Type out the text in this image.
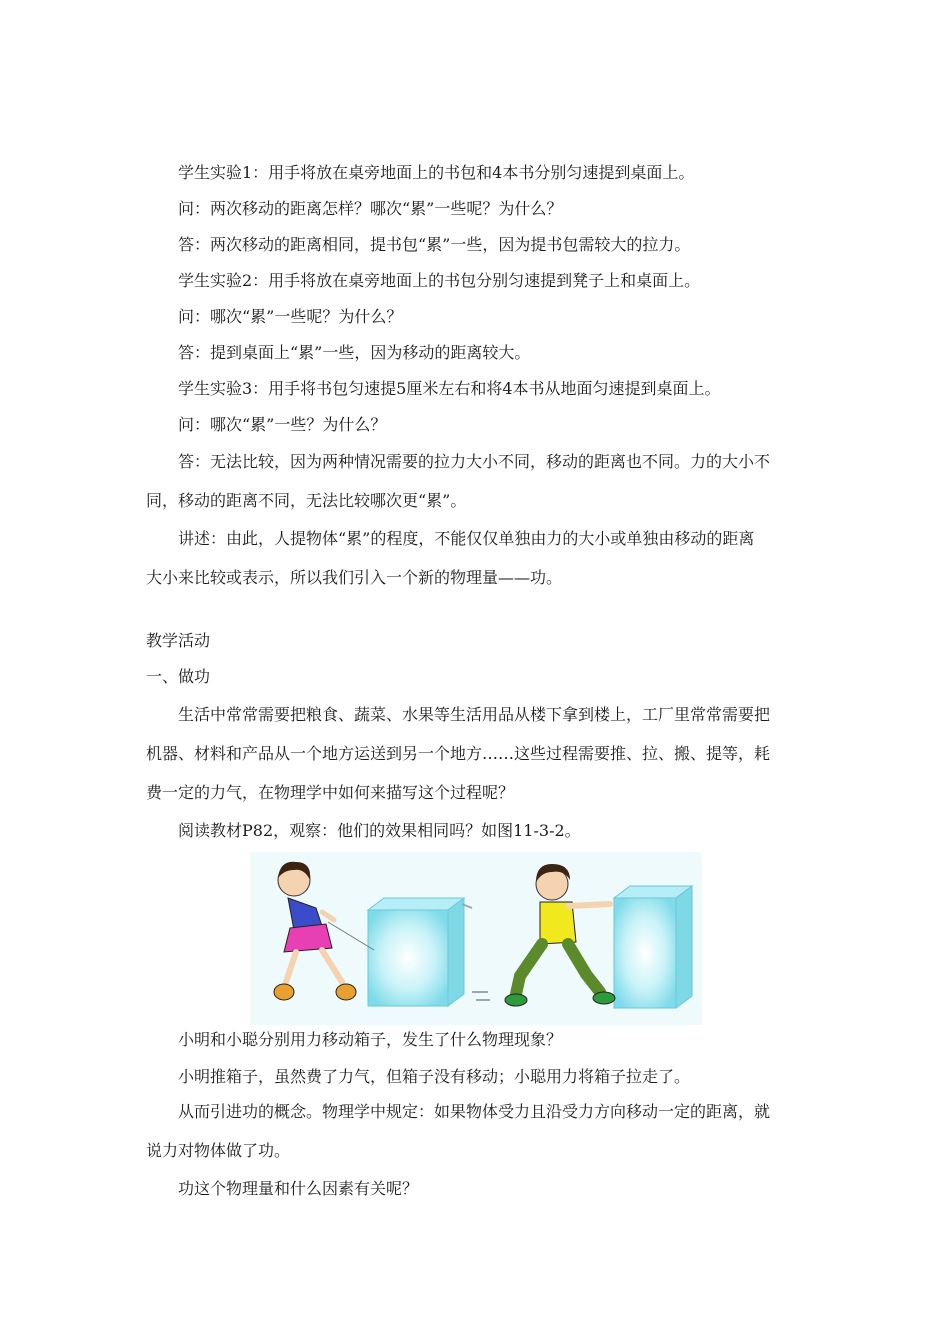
学生实验1：用手将放在桌旁地面上的书包和4本书分别匀速提到桌面上。

问：两次移动的距离怎样？哪次“累”一些呢？为什么？

答：两次移动的距离相同，提书包“累”一些，因为提书包需较大的拉力。

学生实验2：用手将放在桌旁地面上的书包分别匀速提到凳子上和桌面上。

问：哪次“累”一些呢？为什么？

答：提到桌面上“累”一些，因为移动的距离较大。

学生实验3：用手将书包匀速提5厘米左右和将4本书从地面匀速提到桌面上。

问：哪次“累”一些？为什么？

答：无法比较，因为两种情况需要的拉力大小不同，移动的距离也不同。力的大小不

同，移动的距离不同，无法比较哪次更“累”。

讲述：由此，人提物体“累”的程度，不能仅仅单独由力的大小或单独由移动的距离

大小来比较或表示，所以我们引入一个新的物理量——功。

教学活动

一、做功

生活中常常需要把粮食、蔬菜、水果等生活用品从楼下拿到楼上，工厂里常常需要把

机器、材料和产品从一个地方运送到另一个地方……这些过程需要推、拉、搬、提等，耗

费一定的力气，在物理学中如何来描写这个过程呢？

阅读教材P82，观察：他们的效果相同吗？如图11-3-2。

小明和小聪分别用力移动箱子，发生了什么物理现象？

小明推箱子，虽然费了力气，但箱子没有移动；小聪用力将箱子拉走了。

从而引进功的概念。物理学中规定：如果物体受力且沿受力方向移动一定的距离，就

说力对物体做了功。

功这个物理量和什么因素有关呢？
